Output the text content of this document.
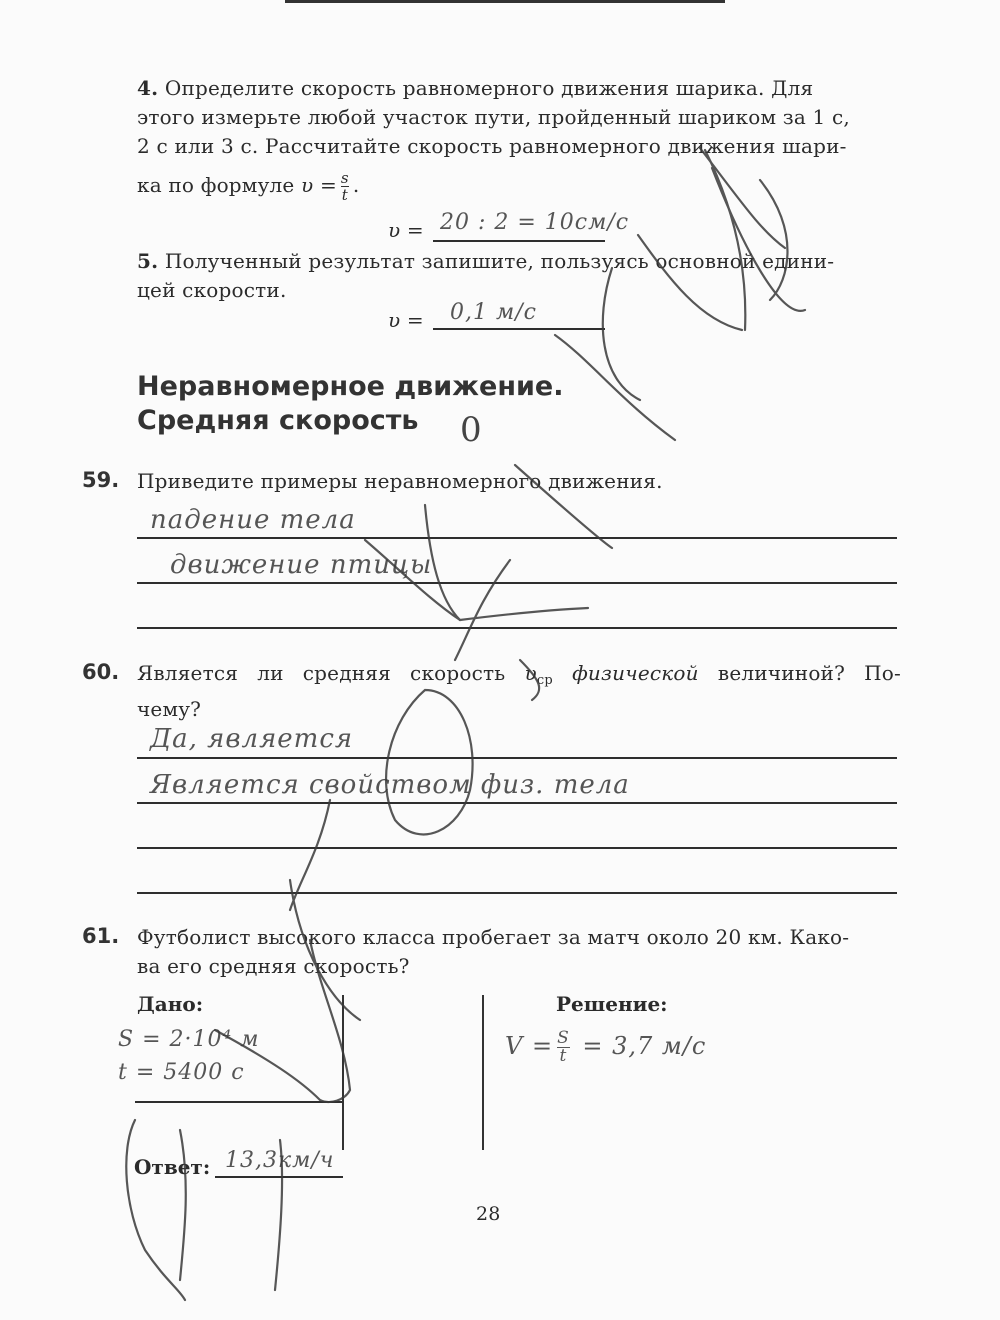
4. Определите скорость равномерного движения шарика. Для
этого измерьте любой участок пути, пройденный шариком за 1 с,
2 с или 3 с. Рассчитайте скорость равномерного движения шари-
ка по формуле $\upsilon = \frac{s}{t}$ .
υ = 20 : 2 = 10см/с
5. Полученный результат запишите, пользуясь основной едини-
цей скорости.
υ = 0,1 м/с
Неравномерное движение.
Средняя скорость	0
59. Приведите примеры неравномерного движения.
падение тела
движение птицы
60. Является ли средняя скорость $\upsilon_{ср}$ физической величиной? По-
чему?
Да, является
Является свойством физ. тела
61. Футболист высокого класса пробегает за матч около 20 км. Како-
ва его средняя скорость?
Дано:
S = 2·10⁴ м
t = 5400 с
Решение:
$V = \frac{S}{t} = 3,7$ м/с
Ответ: 13,3км/ч
28
